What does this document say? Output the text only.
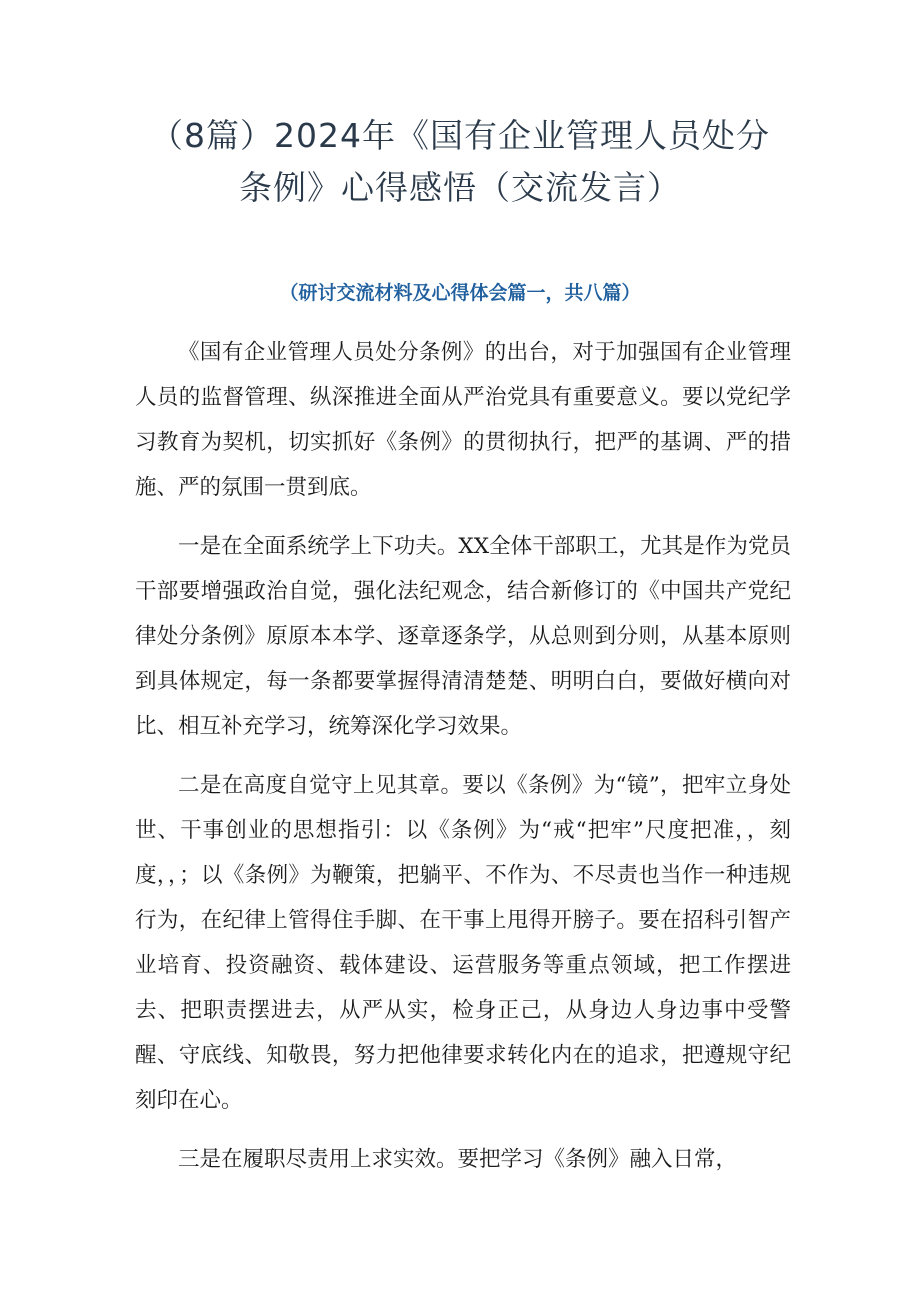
（8篇）2024年《国有企业管理人员处分
条例》心得感悟（交流发言）

（研讨交流材料及心得体会篇一，共八篇）

《国有企业管理人员处分条例》的出台，对于加强国有企业管理人员的监督管理、纵深推进全面从严治党具有重要意义。要以党纪学习教育为契机，切实抓好《条例》的贯彻执行，把严的基调、严的措施、严的氛围一贯到底。

一是在全面系统学上下功夫。XX全体干部职工，尤其是作为党员干部要增强政治自觉，强化法纪观念，结合新修订的《中国共产党纪律处分条例》原原本本学、逐章逐条学，从总则到分则，从基本原则到具体规定，每一条都要掌握得清清楚楚、明明白白，要做好横向对比、相互补充学习，统筹深化学习效果。

二是在高度自觉守上见其章。要以《条例》为“镜”，把牢立身处世、干事创业的思想指引：以《条例》为“戒“把牢”尺度把准，，刻度，，；以《条例》为鞭策，把躺平、不作为、不尽责也当作一种违规行为，在纪律上管得住手脚、在干事上甩得开膀子。要在招科引智产业培育、投资融资、载体建设、运营服务等重点领域，把工作摆进去、把职责摆进去，从严从实，检身正己，从身边人身边事中受警醒、守底线、知敬畏，努力把他律要求转化内在的追求，把遵规守纪刻印在心。

三是在履职尽责用上求实效。要把学习《条例》融入日常，
